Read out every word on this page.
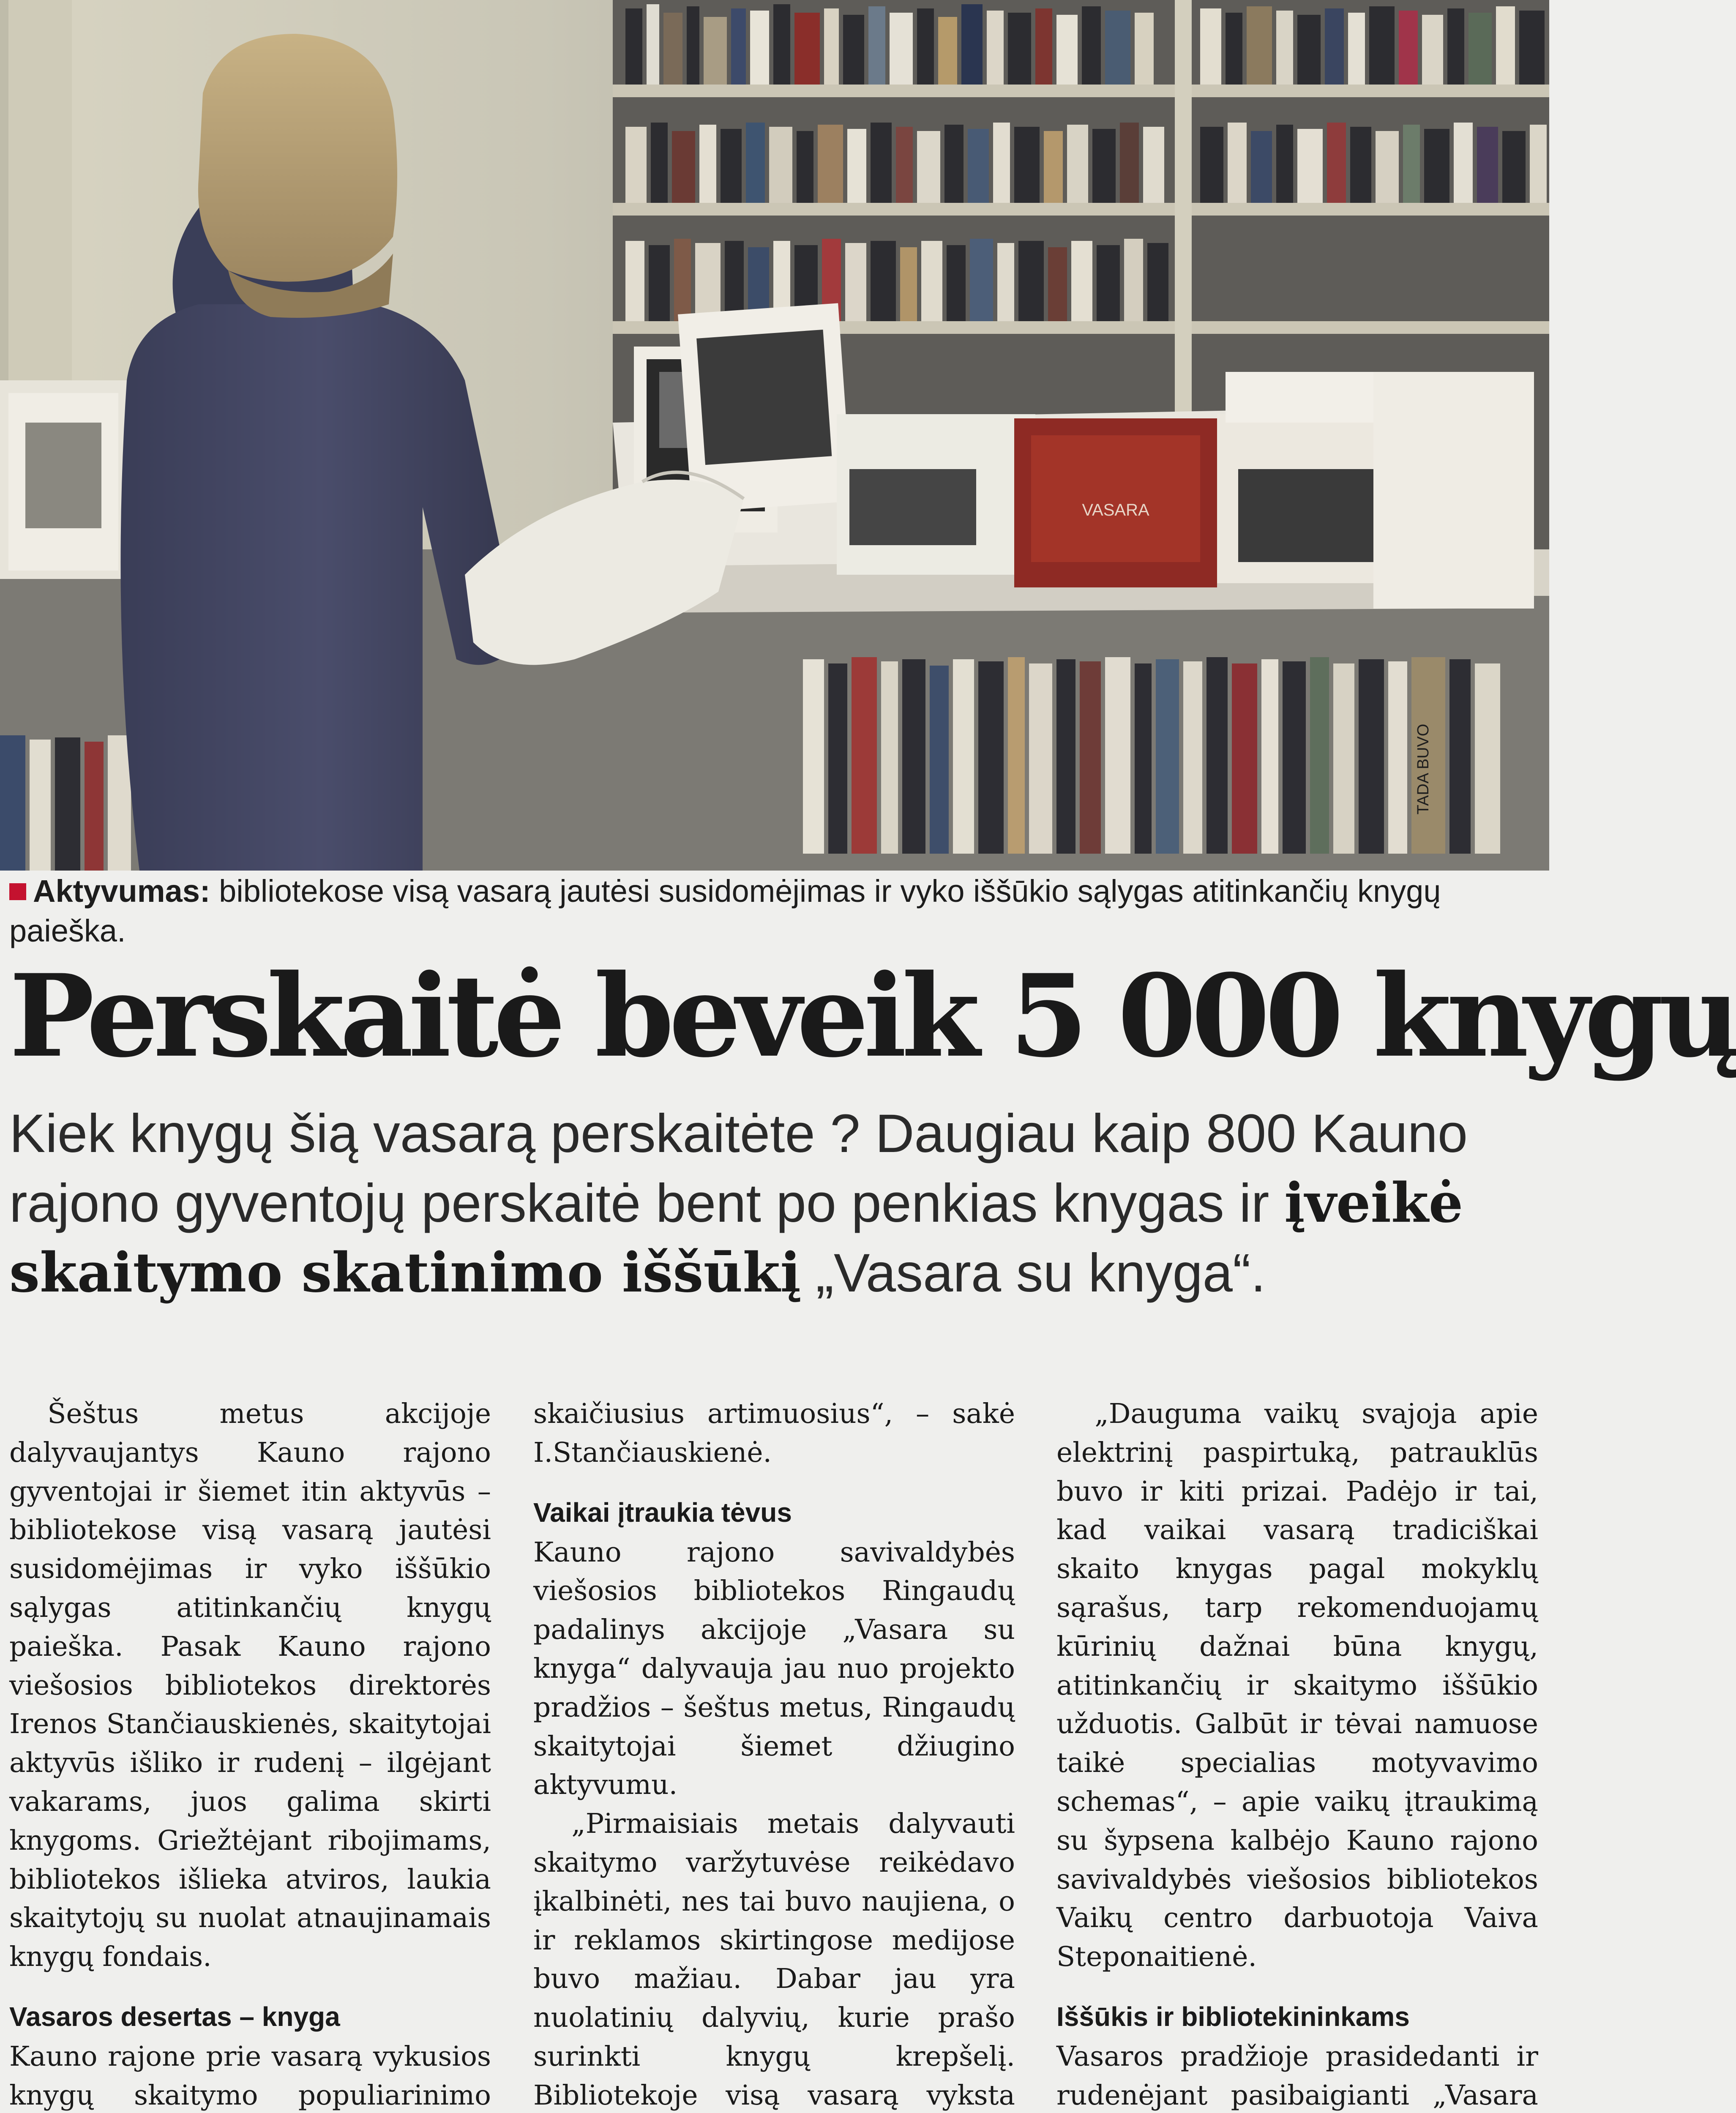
VASARA
TADA BUVO
Aktyvumas: bibliotekose visą vasarą jautėsi susidomėjimas ir vyko iššūkio sąlygas atitinkančių knygų paieška.
Perskaitė beveik 5 000 knygų

Kiek knygų šią vasarą perskaitėte ? Daugiau kaip 800 Kauno rajono gyventojų perskaitė bent po penkias knygas ir įveikė skaitymo skatinimo iššūkį „Vasara su knyga“.

Šeštus metus akcijoje dalyvaujantys Kauno rajono gyventojai ir šiemet itin aktyvūs – bibliotekose visą vasarą jautėsi susidomėjimas ir vyko iššūkio sąlygas atitinkančių knygų paieška. Pasak Kauno rajono viešosios bibliotekos direktorės Irenos Stančiauskienės, skaitytojai aktyvūs išliko ir rudenį – ilgėjant vakarams, juos galima skirti knygoms. Griežtėjant ribojimams, bibliotekos išlieka atviros, laukia skaitytojų su nuolat atnaujinamais knygų fondais.

Vasaros desertas – knyga

Kauno rajone prie vasarą vykusios knygų skaitymo populiarinimo

skaičiusius artimuosius“, – sakė I.Stančiauskienė.

Vaikai įtraukia tėvus

Kauno rajono savivaldybės viešosios bibliotekos Ringaudų padalinys akcijoje „Vasara su knyga“ dalyvauja jau nuo projekto pradžios – šeštus metus, Ringaudų skaitytojai šiemet džiugino aktyvumu.

„Pirmaisiais metais dalyvauti skaitymo varžytuvėse reikėdavo įkalbinėti, nes tai buvo naujiena, o ir reklamos skirtingose medijose buvo mažiau. Dabar jau yra nuolatinių dalyvių, kurie prašo surinkti knygų krepšelį. Bibliotekoje visą vasarą vyksta

„Dauguma vaikų svajoja apie elektrinį paspirtuką, patrauklūs buvo ir kiti prizai. Padėjo ir tai, kad vaikai vasarą tradiciškai skaito knygas pagal mokyklų sąrašus, tarp rekomenduojamų kūrinių dažnai būna knygų, atitinkančių ir skaitymo iššūkio užduotis. Galbūt ir tėvai namuose taikė specialias motyvavimo schemas“, – apie vaikų įtraukimą su šypsena kalbėjo Kauno rajono savivaldybės viešosios bibliotekos Vaikų centro darbuotoja Vaiva Steponaitienė.

Iššūkis ir bibliotekininkams

Vasaros pradžioje prasidedanti ir rudenėjant pasibaigianti „Vasara
